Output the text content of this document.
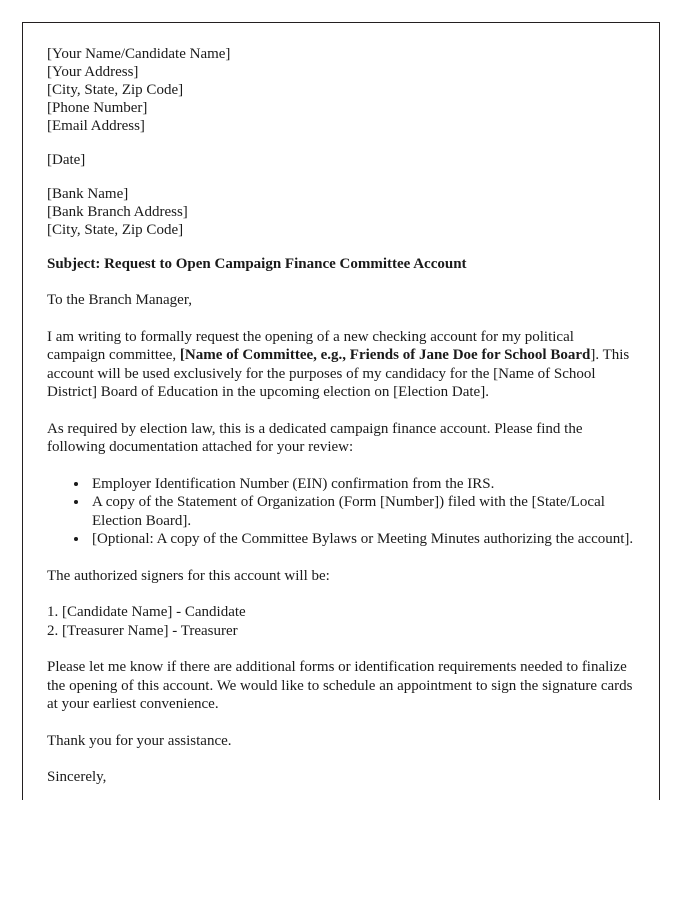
[Your Name/Candidate Name]
[Your Address]
[City, State, Zip Code]
[Phone Number]
[Email Address]
[Date]
[Bank Name]
[Bank Branch Address]
[City, State, Zip Code]
Subject: Request to Open Campaign Finance Committee Account

To the Branch Manager,

I am writing to formally request the opening of a new checking account for my political campaign committee, [Name of Committee, e.g., Friends of Jane Doe for School Board]. This account will be used exclusively for the purposes of my candidacy for the [Name of School District] Board of Education in the upcoming election on [Election Date].

As required by election law, this is a dedicated campaign finance account. Please find the following documentation attached for your review:

• Employer Identification Number (EIN) confirmation from the IRS.
• A copy of the Statement of Organization (Form [Number]) filed with the [State/Local Election Board].
• [Optional: A copy of the Committee Bylaws or Meeting Minutes authorizing the account].

The authorized signers for this account will be:

1. [Candidate Name] - Candidate
2. [Treasurer Name] - Treasurer

Please let me know if there are additional forms or identification requirements needed to finalize the opening of this account. We would like to schedule an appointment to sign the signature cards at your earliest convenience.

Thank you for your assistance.

Sincerely,
